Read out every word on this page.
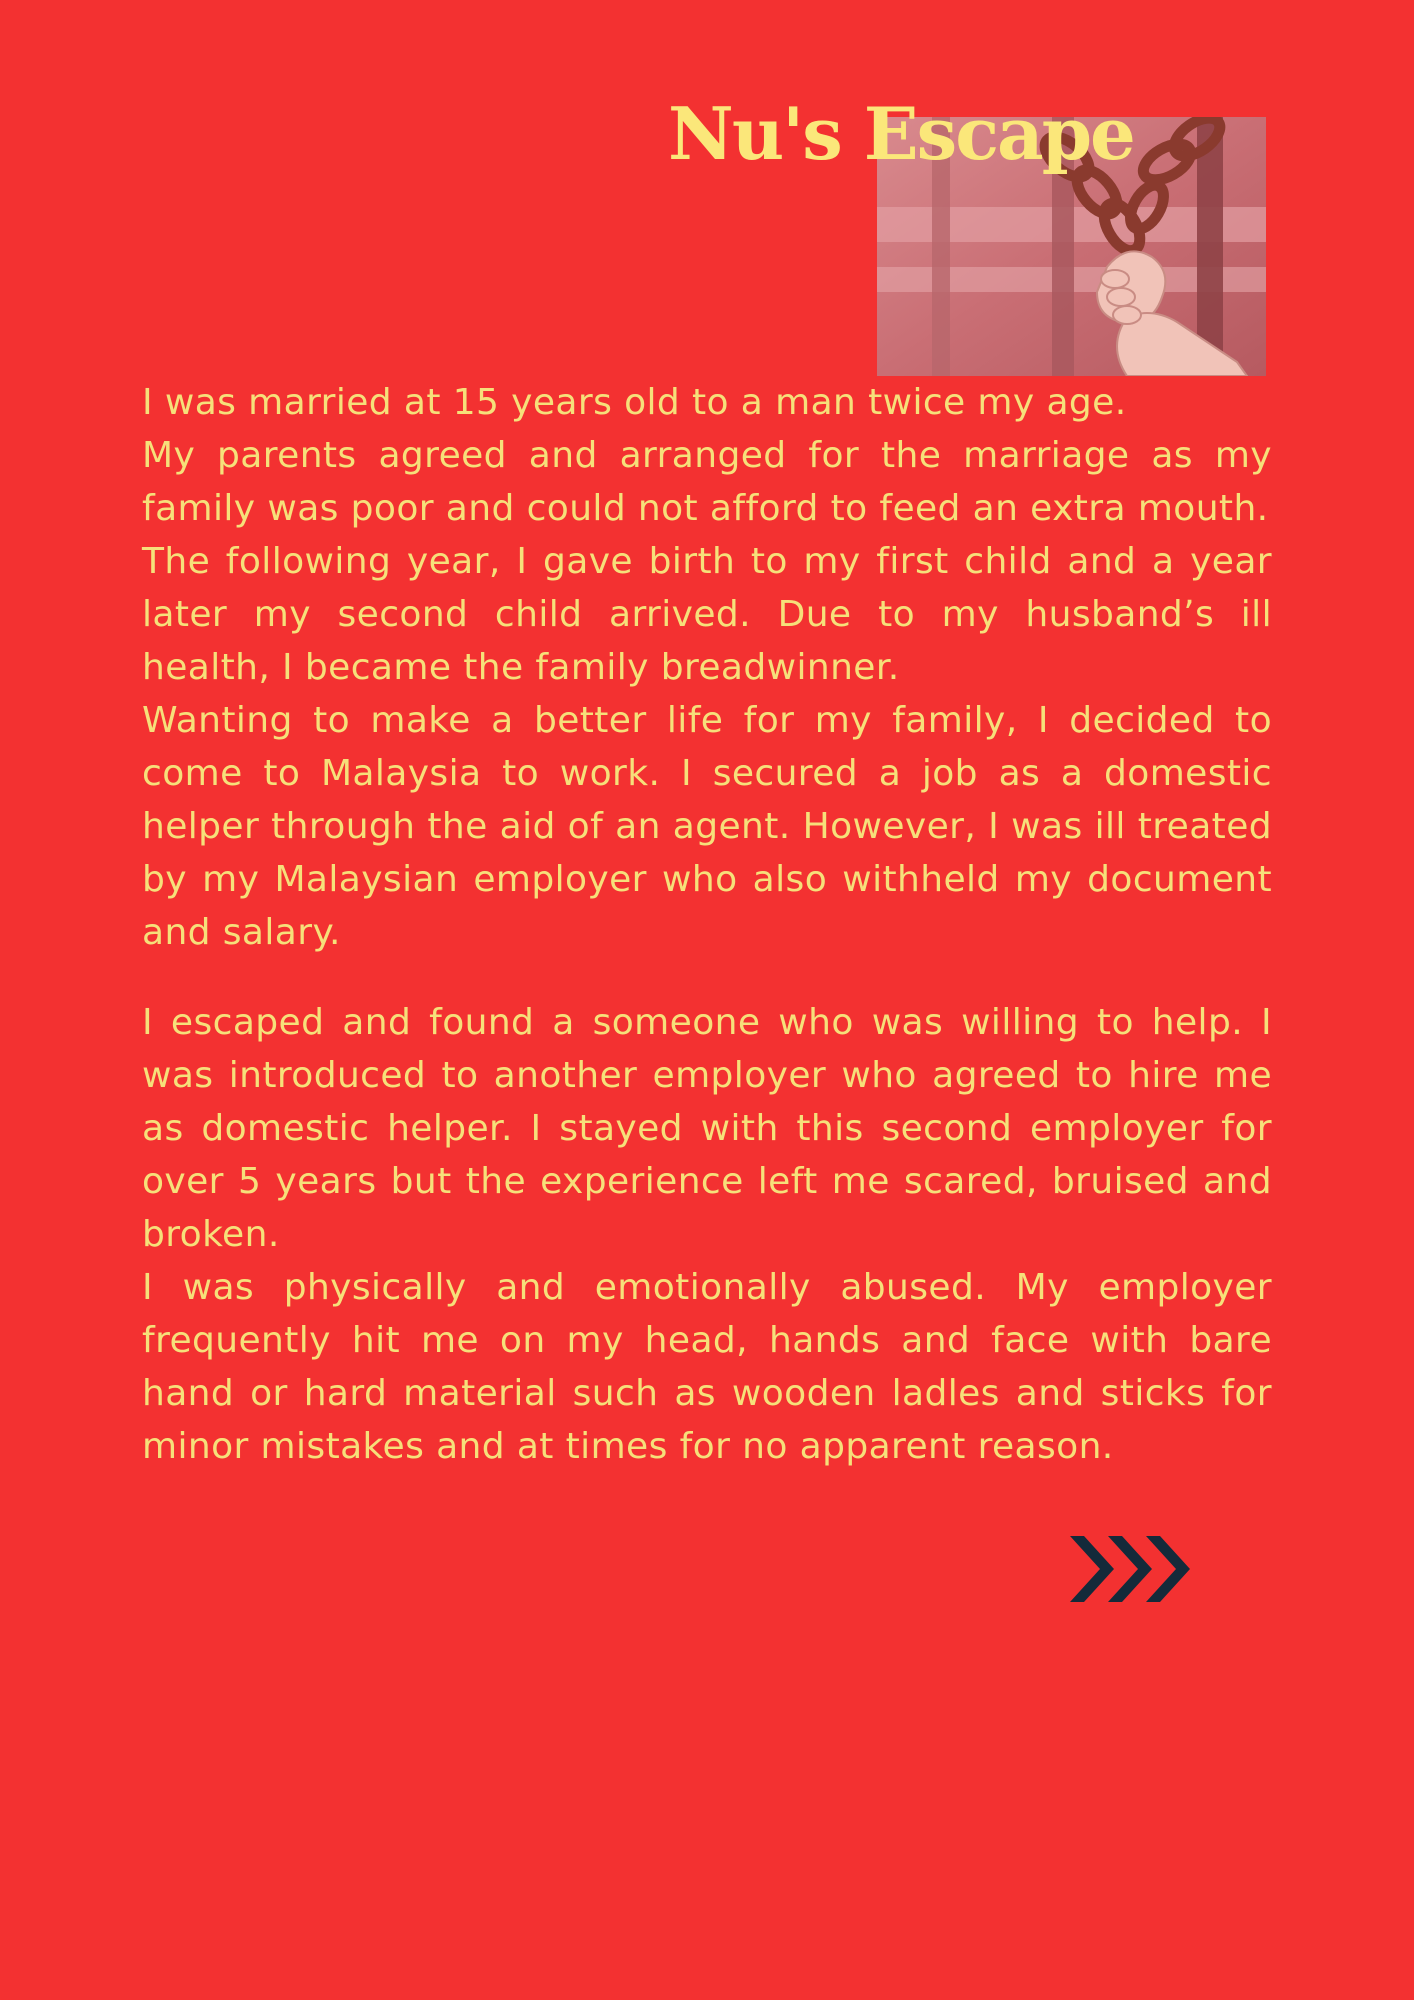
Nu's Escape

I was married at 15 years old to a man twice my age.

My parents agreed and arranged for the marriage as my family was poor and could not afford to feed an extra mouth.

The following year, I gave birth to my first child and a year later my second child arrived. Due to my husband’s ill health, I became the family breadwinner.

Wanting to make a better life for my family, I decided to come to Malaysia to work. I secured a job as a domestic helper through the aid of an agent. However, I was ill treated by my Malaysian employer who also withheld my document and salary.

I escaped and found a someone who was willing to help. I was introduced to another employer who agreed to hire me as domestic helper. I stayed with this second employer for over 5 years but the experience left me scared, bruised and broken.

I was physically and emotionally abused. My employer frequently hit me on my head, hands and face with bare hand or hard material such as wooden ladles and sticks for minor mistakes and at times for no apparent reason.
